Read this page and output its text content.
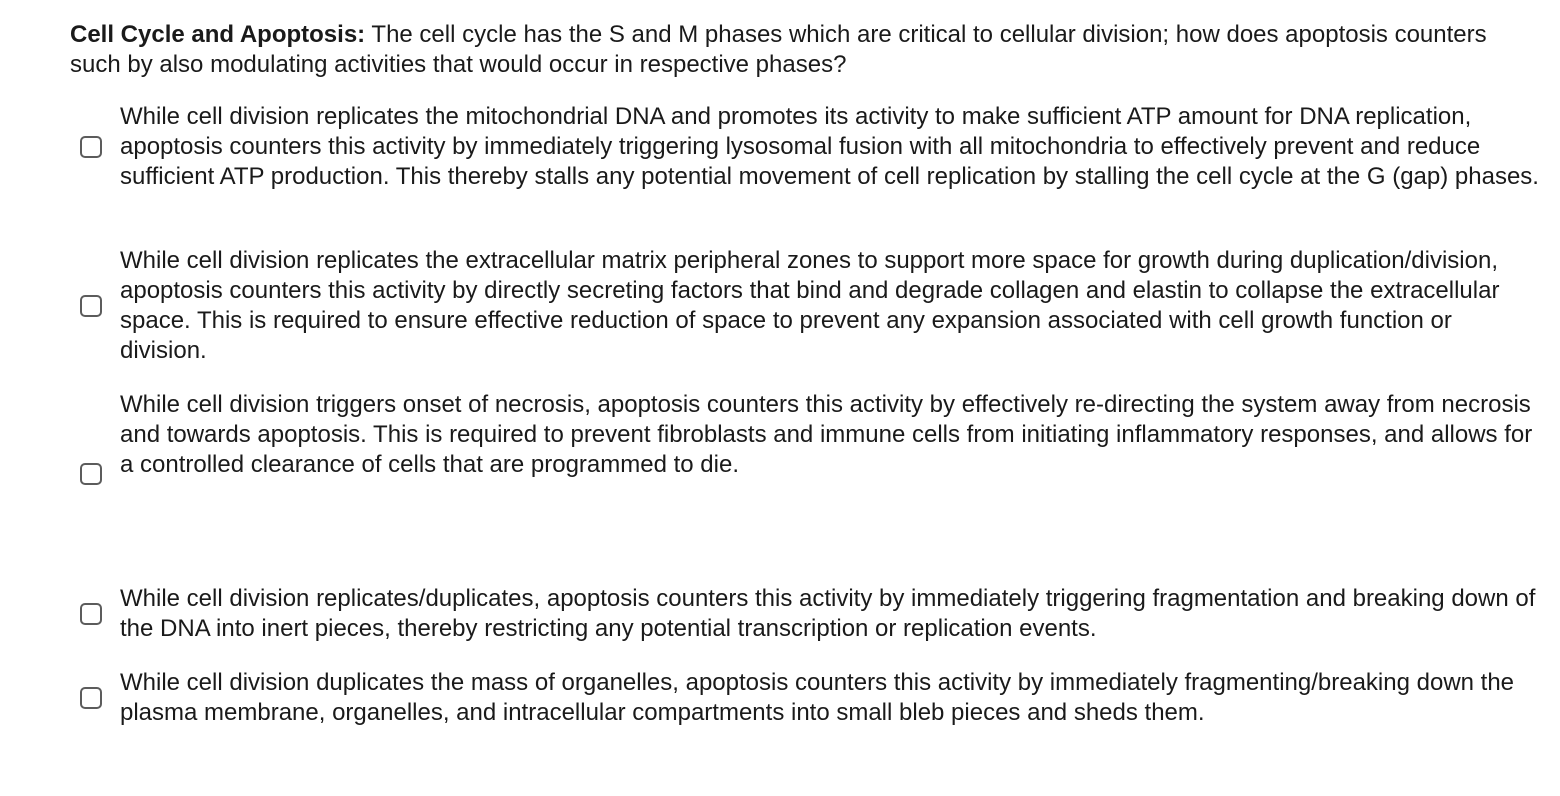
Cell Cycle and Apoptosis: The cell cycle has the S and M phases which are critical to cellular division; how does apoptosis counters such by also modulating activities that would occur in respective phases?

While cell division replicates the mitochondrial DNA and promotes its activity to make sufficient ATP amount for DNA replication, apoptosis counters this activity by immediately triggering lysosomal fusion with all mitochondria to effectively prevent and reduce sufficient ATP production. This thereby stalls any potential movement of cell replication by stalling the cell cycle at the G (gap) phases.

While cell division replicates the extracellular matrix peripheral zones to support more space for growth during duplication/division, apoptosis counters this activity by directly secreting factors that bind and degrade collagen and elastin to collapse the extracellular space. This is required to ensure effective reduction of space to prevent any expansion associated with cell growth function or division.

While cell division triggers onset of necrosis, apoptosis counters this activity by effectively re-directing the system away from necrosis and towards apoptosis. This is required to prevent fibroblasts and immune cells from initiating inflammatory responses, and allows for a controlled clearance of cells that are programmed to die.

While cell division replicates/duplicates, apoptosis counters this activity by immediately triggering fragmentation and breaking down of the DNA into inert pieces, thereby restricting any potential transcription or replication events.

While cell division duplicates the mass of organelles, apoptosis counters this activity by immediately fragmenting/breaking down the plasma membrane, organelles, and intracellular compartments into small bleb pieces and sheds them.
